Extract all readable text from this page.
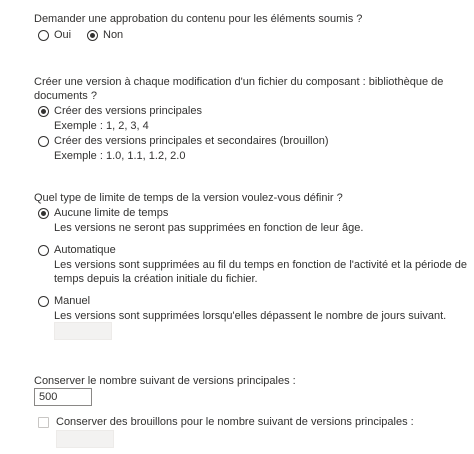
Demander une approbation du contenu pour les éléments soumis ?
Oui	Non
Créer une version à chaque modification d'un fichier du composant : bibliothèque de
documents ?
Créer des versions principales
Exemple : 1, 2, 3, 4
Créer des versions principales et secondaires (brouillon)
Exemple : 1.0, 1.1, 1.2, 2.0
Quel type de limite de temps de la version voulez-vous définir ?
Aucune limite de temps
Les versions ne seront pas supprimées en fonction de leur âge.
Automatique
Les versions sont supprimées au fil du temps en fonction de l'activité et la période de
temps depuis la création initiale du fichier.
Manuel
Les versions sont supprimées lorsqu'elles dépassent le nombre de jours suivant.
Conserver le nombre suivant de versions principales :
500
Conserver des brouillons pour le nombre suivant de versions principales :
